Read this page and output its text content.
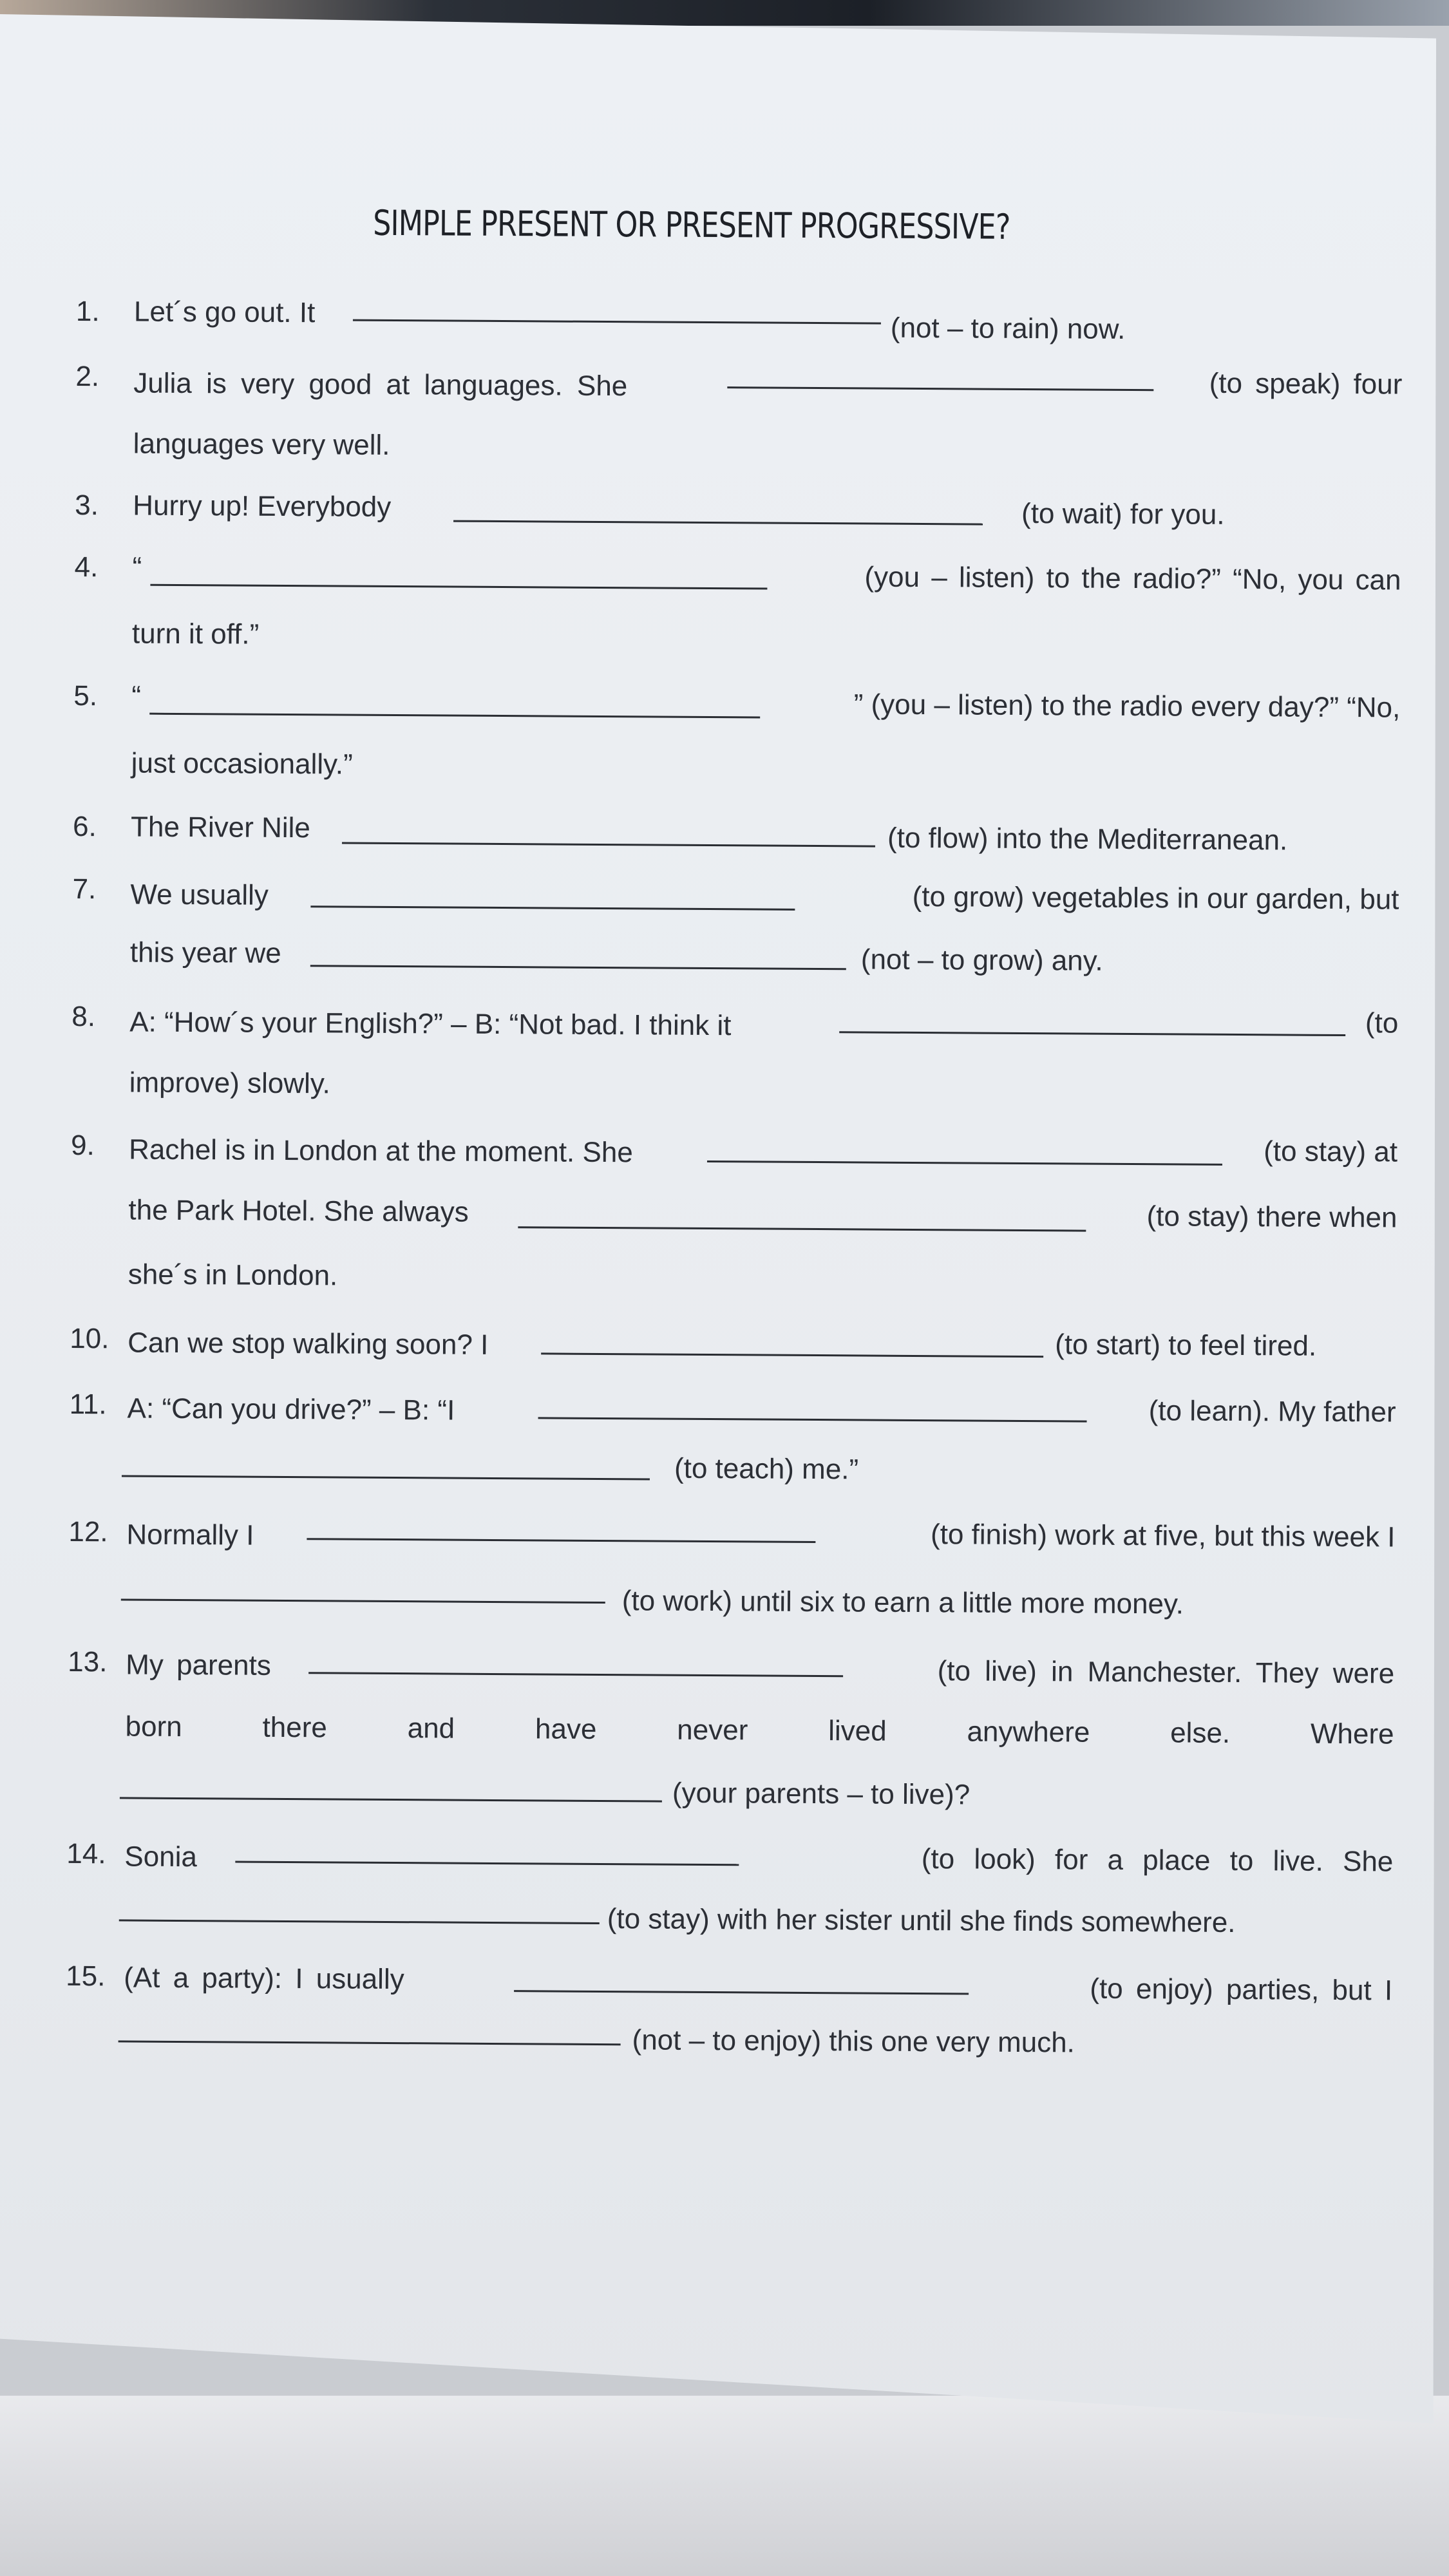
SIMPLE PRESENT OR PRESENT PROGRESSIVE?
1. Let´s go out. It	(not – to rain) now.
2. Julia is very good at languages. She	(to speak) four
languages very well.
3. Hurry up! Everybody	(to wait) for you.
4. “	(you – listen) to the radio?” “No, you can
turn it off.”
5. “	” (you – listen) to the radio every day?” “No,
just occasionally.”
6. The River Nile	(to flow) into the Mediterranean.
7. We usually	(to grow) vegetables in our garden, but
this year we	(not – to grow) any.
8. A: “How´s your English?” – B: “Not bad. I think it	(to
improve) slowly.
9. Rachel is in London at the moment. She	(to stay) at
the Park Hotel. She always	(to stay) there when
she´s in London.
10. Can we stop walking soon? I	(to start) to feel tired.
11. A: “Can you drive?” – B: “I	(to learn). My father
(to teach) me.”
12. Normally I	(to finish) work at five, but this week I
(to work) until six to earn a little more money.
13. My parents	(to live) in Manchester. They were
born	there	and	have	never	lived	anywhere	else.	Where
(your parents – to live)?
14. Sonia	(to look) for a place to live. She
(to stay) with her sister until she finds somewhere.
15. (At a party): I usually	(to enjoy) parties, but I
(not – to enjoy) this one very much.
